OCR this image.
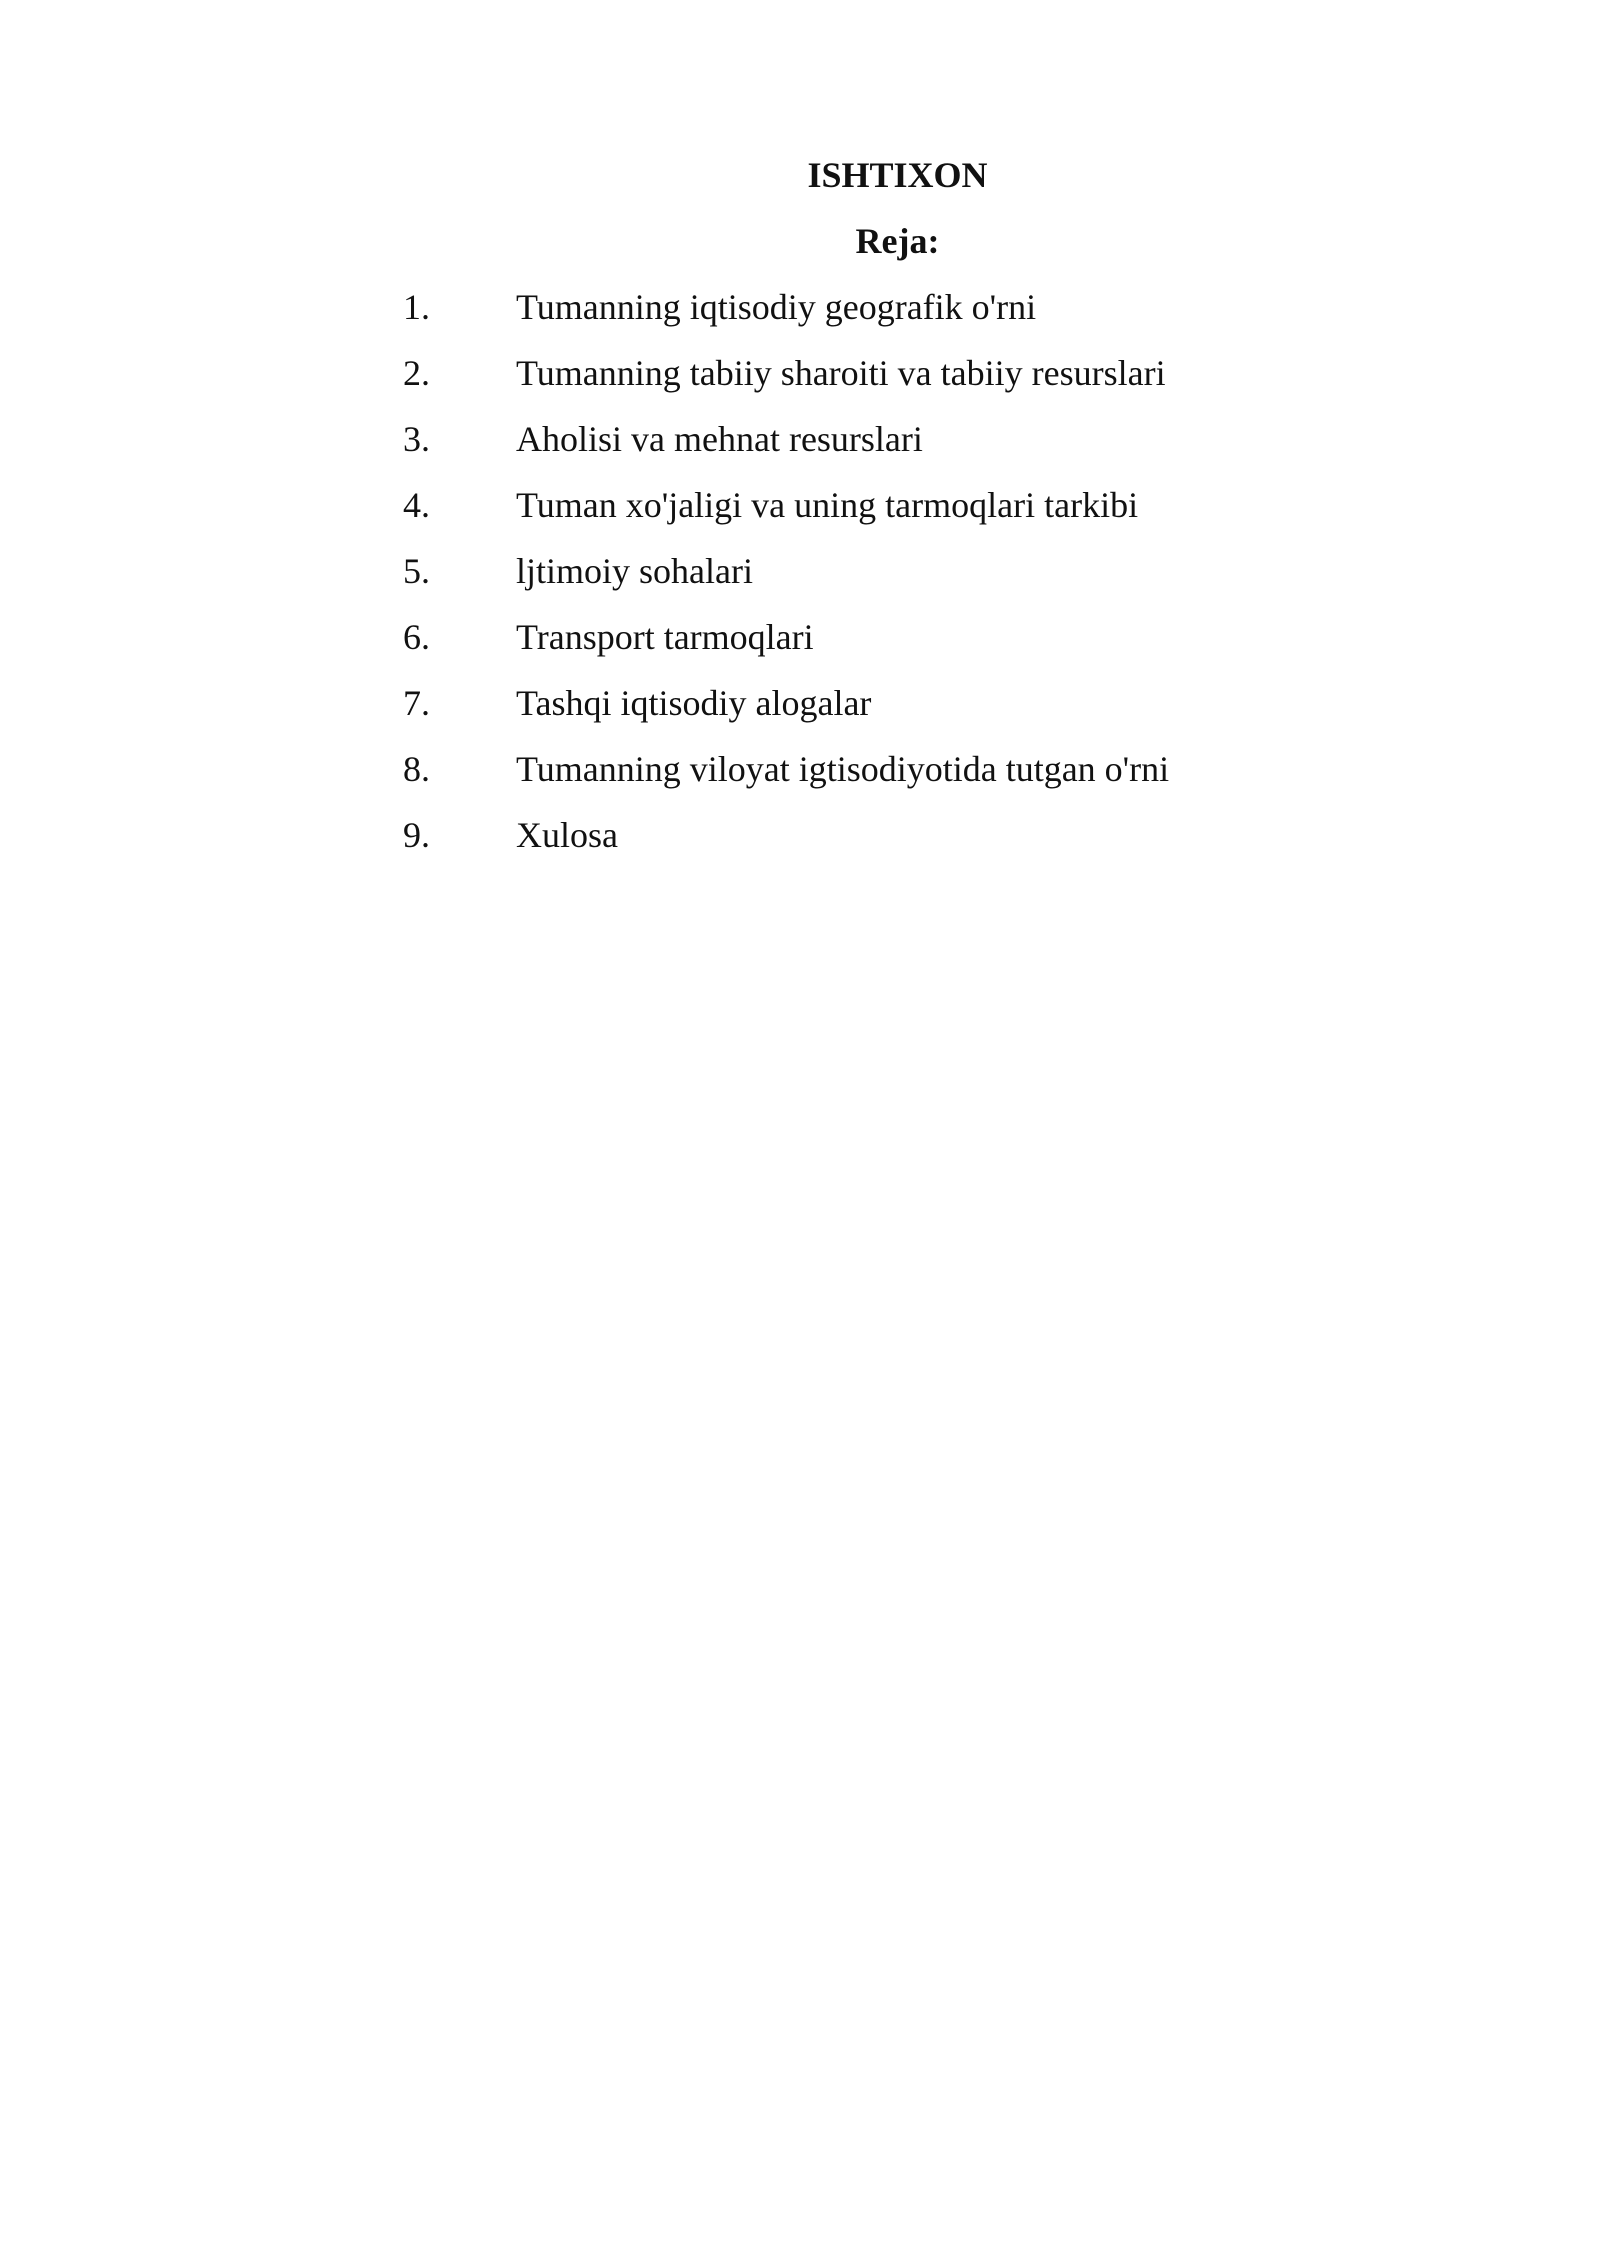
ISHTIXON
Reja:
1. Tumanning iqtisodiy geografik o'rni
2. Tumanning tabiiy sharoiti va tabiiy resurslari
3. Aholisi va mehnat resurslari
4. Tuman xo'jaligi va uning tarmoqlari tarkibi
5. ljtimoiy sohalari
6. Transport tarmoqlari
7. Tashqi iqtisodiy alogalar
8. Tumanning viloyat igtisodiyotida tutgan o'rni
9. Xulosa
